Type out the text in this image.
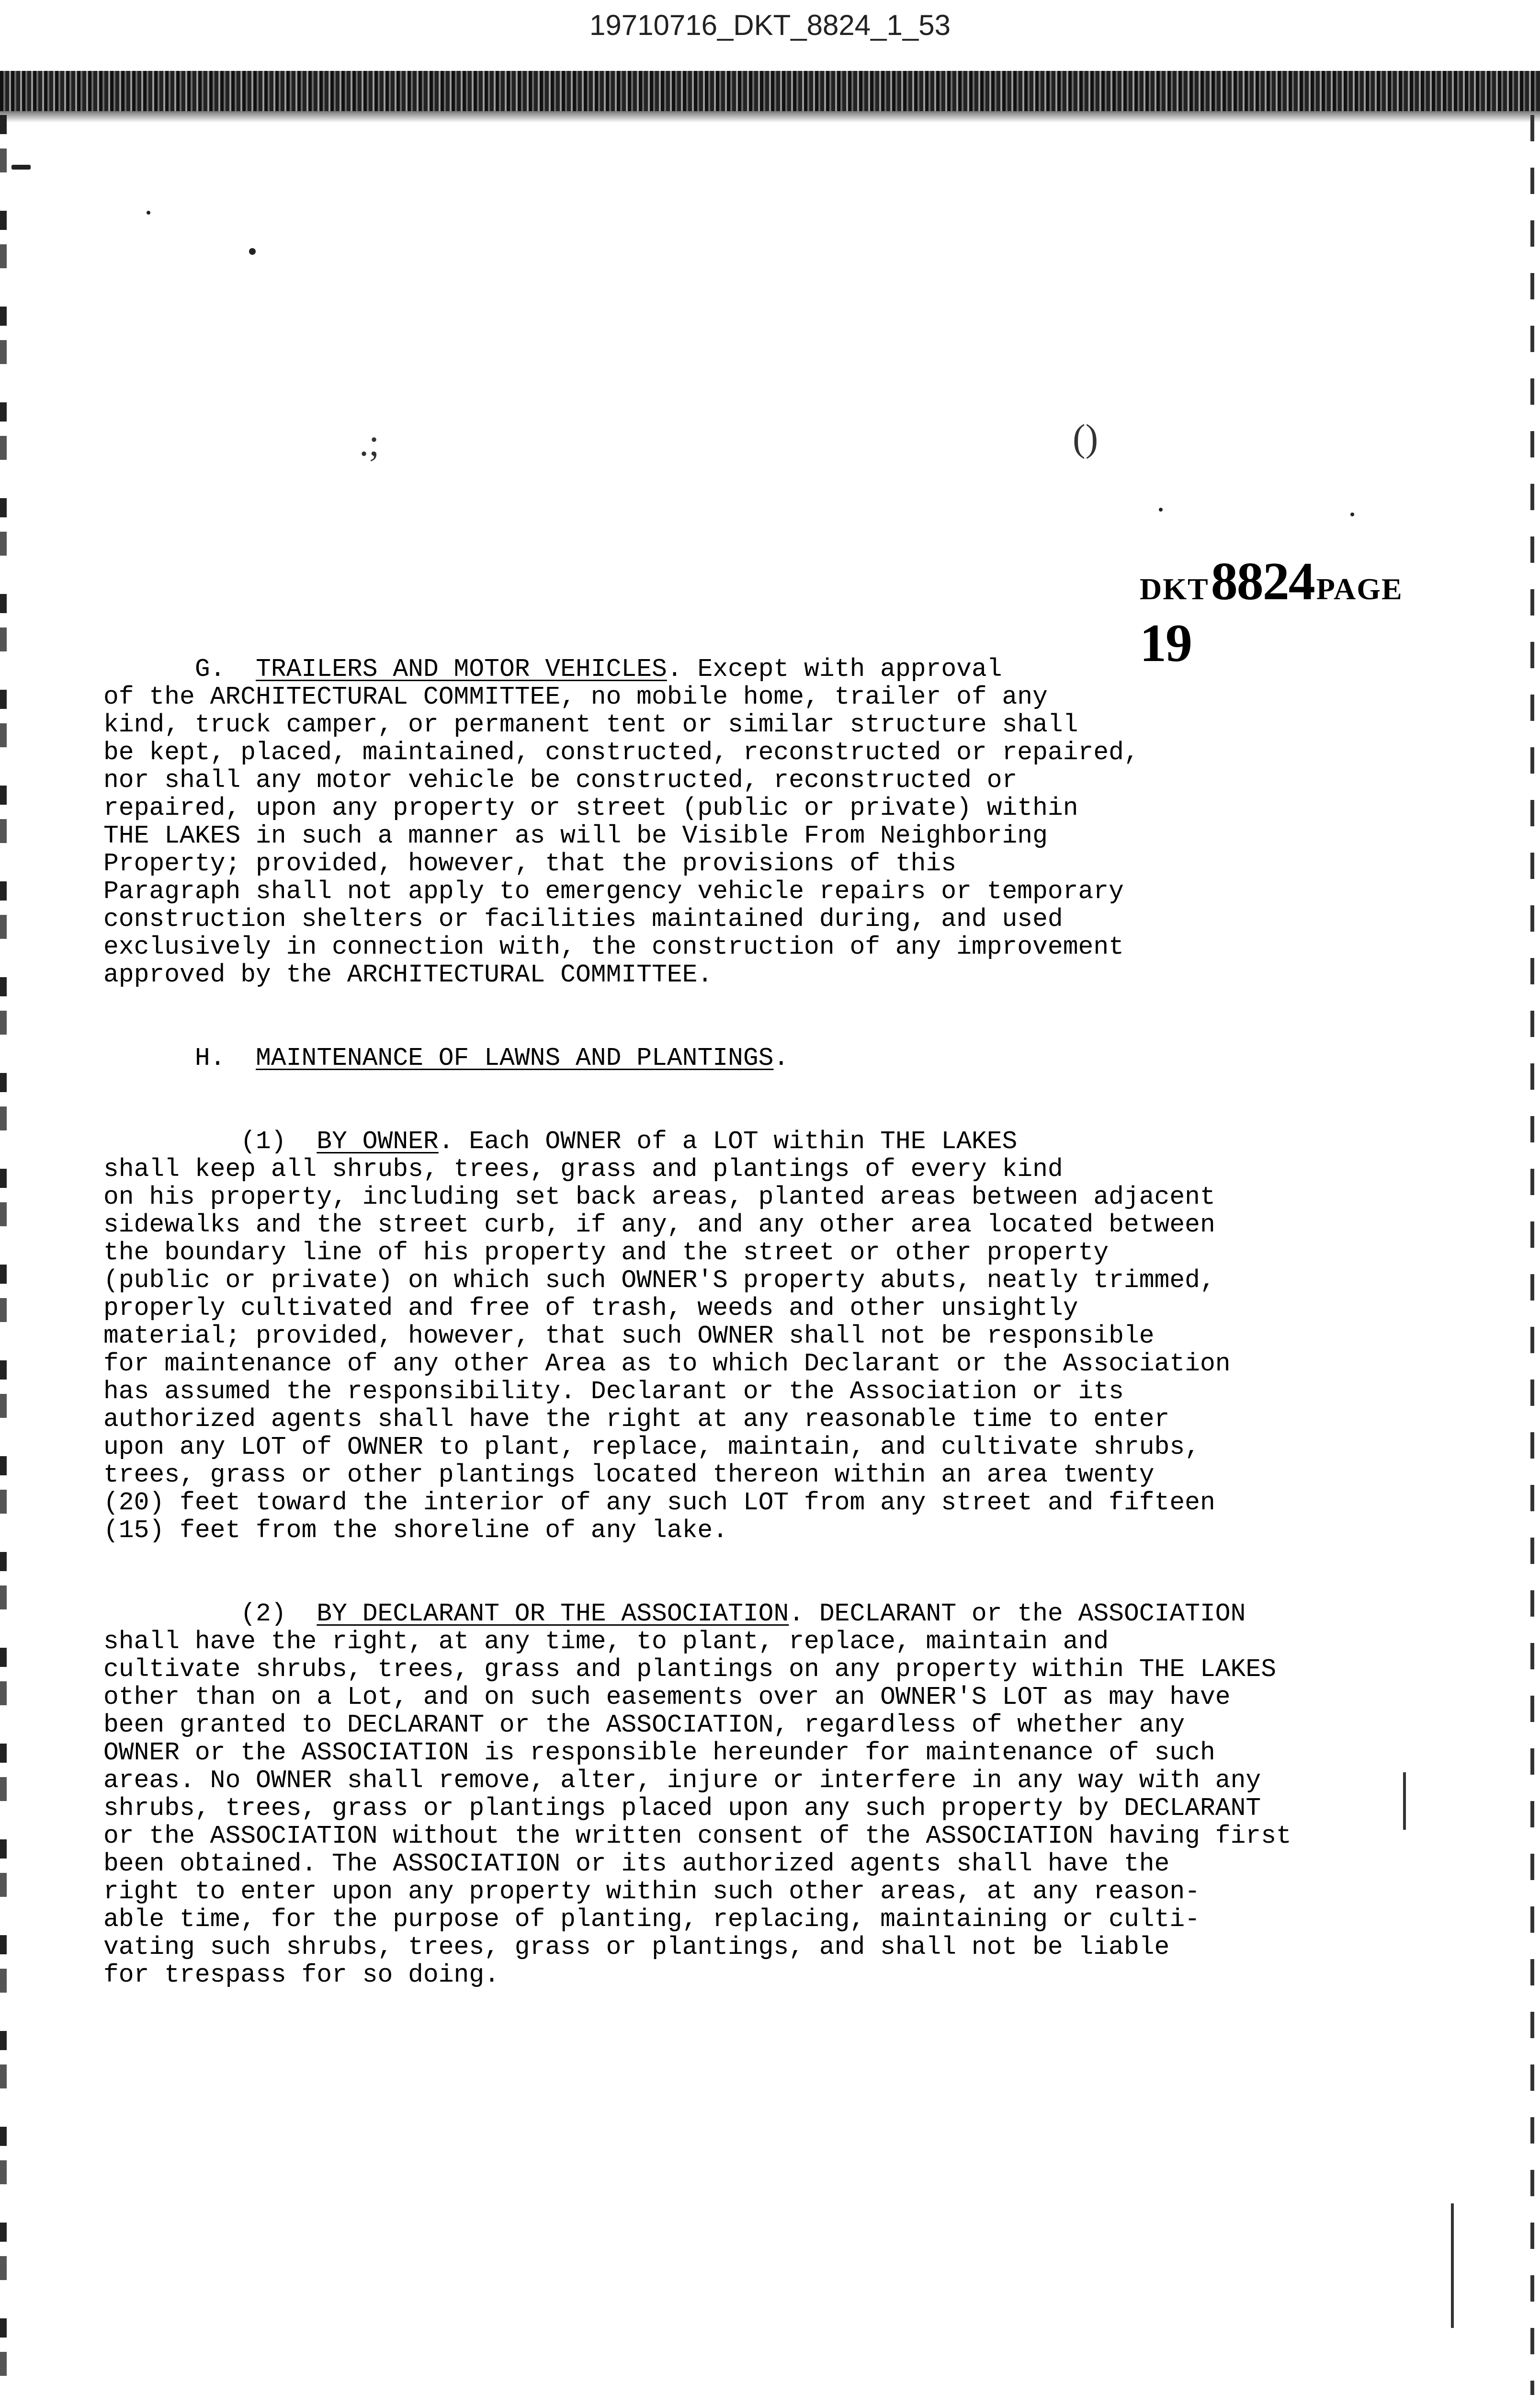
19710716_DKT_8824_1_53
.;	()
DKT 8824 PAGE 19

G. TRAILERS AND MOTOR VEHICLES. Except with approval
of the ARCHITECTURAL COMMITTEE, no mobile home, trailer of any
kind, truck camper, or permanent tent or similar structure shall
be kept, placed, maintained, constructed, reconstructed or repaired,
nor shall any motor vehicle be constructed, reconstructed or
repaired, upon any property or street (public or private) within
THE LAKES in such a manner as will be Visible From Neighboring
Property; provided, however, that the provisions of this
Paragraph shall not apply to emergency vehicle repairs or temporary
construction shelters or facilities maintained during, and used
exclusively in connection with, the construction of any improvement
approved by the ARCHITECTURAL COMMITTEE.

H. MAINTENANCE OF LAWNS AND PLANTINGS.

(1) BY OWNER. Each OWNER of a LOT within THE LAKES
shall keep all shrubs, trees, grass and plantings of every kind
on his property, including set back areas, planted areas between adjacent
sidewalks and the street curb, if any, and any other area located between
the boundary line of his property and the street or other property
(public or private) on which such OWNER'S property abuts, neatly trimmed,
properly cultivated and free of trash, weeds and other unsightly
material; provided, however, that such OWNER shall not be responsible
for maintenance of any other Area as to which Declarant or the Association
has assumed the responsibility. Declarant or the Association or its
authorized agents shall have the right at any reasonable time to enter
upon any LOT of OWNER to plant, replace, maintain, and cultivate shrubs,
trees, grass or other plantings located thereon within an area twenty
(20) feet toward the interior of any such LOT from any street and fifteen
(15) feet from the shoreline of any lake.

(2) BY DECLARANT OR THE ASSOCIATION. DECLARANT or the ASSOCIATION
shall have the right, at any time, to plant, replace, maintain and
cultivate shrubs, trees, grass and plantings on any property within THE LAKES
other than on a Lot, and on such easements over an OWNER'S LOT as may have
been granted to DECLARANT or the ASSOCIATION, regardless of whether any
OWNER or the ASSOCIATION is responsible hereunder for maintenance of such
areas. No OWNER shall remove, alter, injure or interfere in any way with any
shrubs, trees, grass or plantings placed upon any such property by DECLARANT
or the ASSOCIATION without the written consent of the ASSOCIATION having first
been obtained. The ASSOCIATION or its authorized agents shall have the
right to enter upon any property within such other areas, at any reason-
able time, for the purpose of planting, replacing, maintaining or culti-
vating such shrubs, trees, grass or plantings, and shall not be liable
for trespass for so doing.
